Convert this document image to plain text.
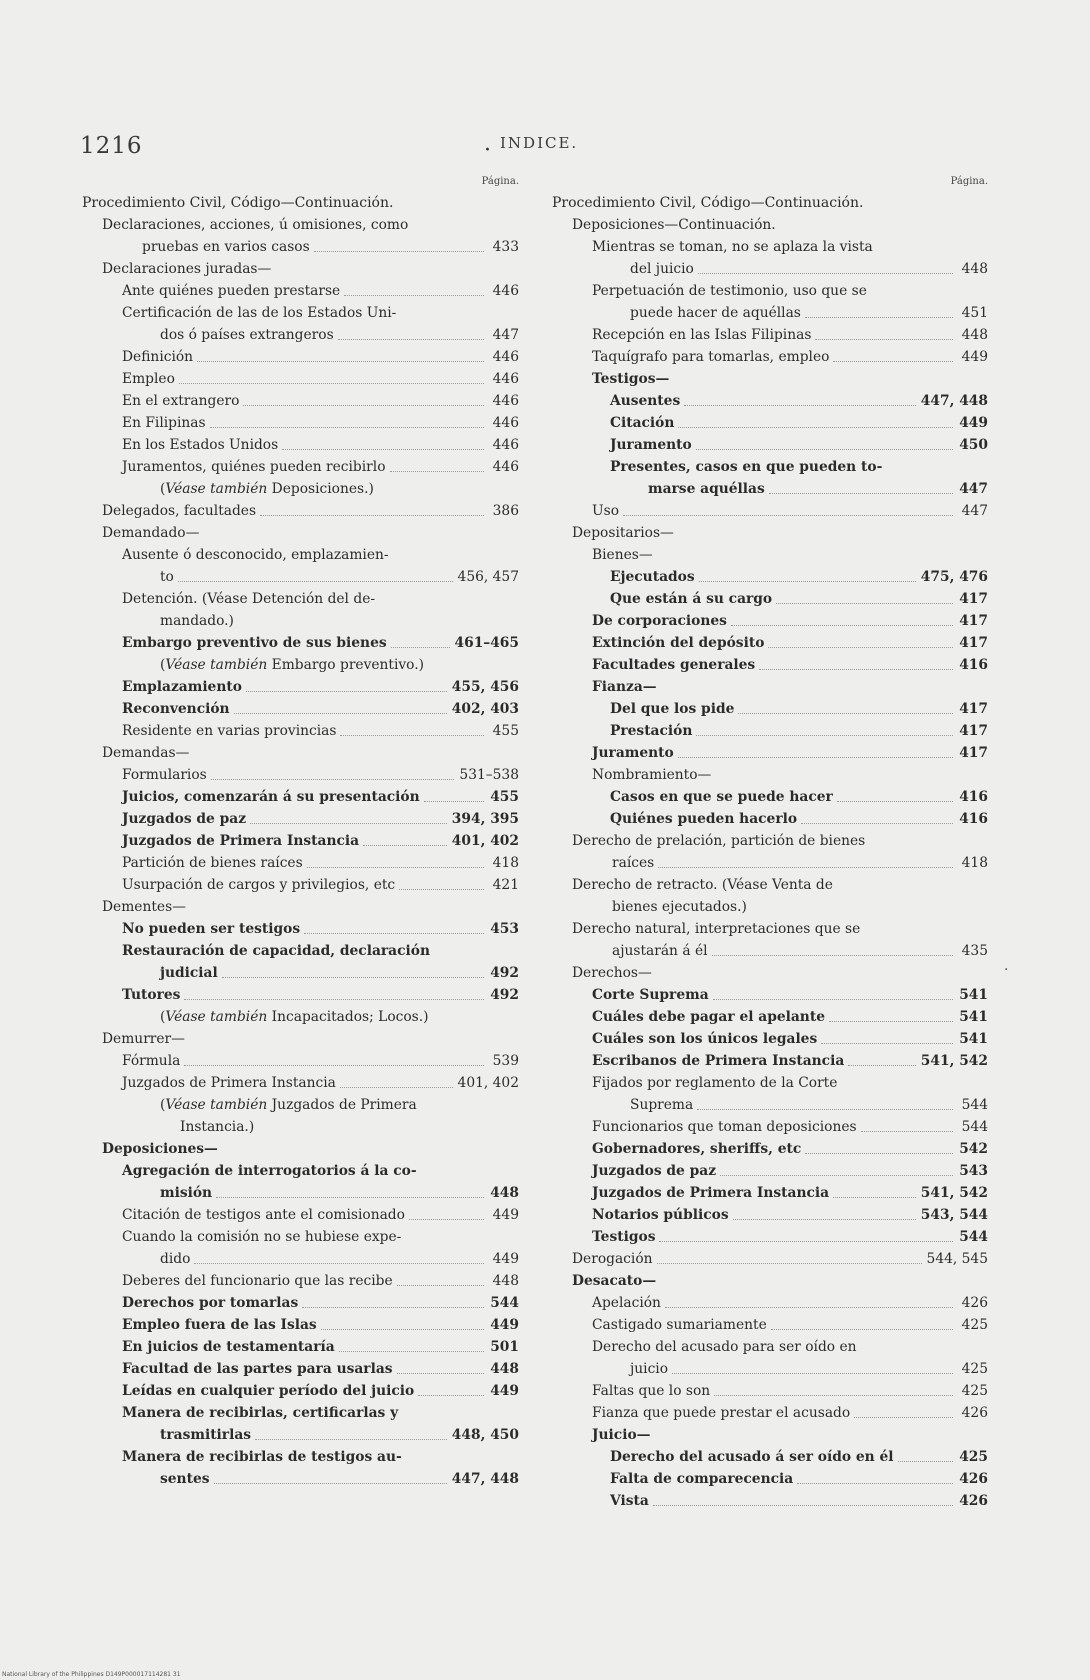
1216	· INDICE.
·
Página.
Procedimiento Civil, Código—Continuación.
Declaraciones, acciones, ú omisiones, como
pruebas en varios casos	433
Declaraciones juradas—
Ante quiénes pueden prestarse	446
Certificación de las de los Estados Uni-
dos ó países extrangeros	447
Definición	446
Empleo	446
En el extrangero	446
En Filipinas	446
En los Estados Unidos	446
Juramentos, quiénes pueden recibirlo	446
(Véase también Deposiciones.)
Delegados, facultades	386
Demandado—
Ausente ó desconocido, emplazamien-
to	456, 457
Detención. (Véase Detención del de-
mandado.)
Embargo preventivo de sus bienes	461–465
(Véase también Embargo preventivo.)
Emplazamiento	455, 456
Reconvención	402, 403
Residente en varias provincias	455
Demandas—
Formularios	531–538
Juicios, comenzarán á su presentación	455
Juzgados de paz	394, 395
Juzgados de Primera Instancia	401, 402
Partición de bienes raíces	418
Usurpación de cargos y privilegios, etc	421
Dementes—
No pueden ser testigos	453
Restauración de capacidad, declaración
judicial	492
Tutores	492
(Véase también Incapacitados; Locos.)
Demurrer—
Fórmula	539
Juzgados de Primera Instancia	401, 402
(Véase también Juzgados de Primera
Instancia.)
Deposiciones—
Agregación de interrogatorios á la co-
misión	448
Citación de testigos ante el comisionado	449
Cuando la comisión no se hubiese expe-
dido	449
Deberes del funcionario que las recibe	448
Derechos por tomarlas	544
Empleo fuera de las Islas	449
En juicios de testamentaría	501
Facultad de las partes para usarlas	448
Leídas en cualquier período del juicio	449
Manera de recibirlas, certificarlas y
trasmitirlas	448, 450
Manera de recibirlas de testigos au-
sentes	447, 448
Página.
Procedimiento Civil, Código—Continuación.
Deposiciones—Continuación.
Mientras se toman, no se aplaza la vista
del juicio	448
Perpetuación de testimonio, uso que se
puede hacer de aquéllas	451
Recepción en las Islas Filipinas	448
Taquígrafo para tomarlas, empleo	449
Testigos—
Ausentes	447, 448
Citación	449
Juramento	450
Presentes, casos en que pueden to-
marse aquéllas	447
Uso	447
Depositarios—
Bienes—
Ejecutados	475, 476
Que están á su cargo	417
De corporaciones	417
Extinción del depósito	417
Facultades generales	416
Fianza—
Del que los pide	417
Prestación	417
Juramento	417
Nombramiento—
Casos en que se puede hacer	416
Quiénes pueden hacerlo	416
Derecho de prelación, partición de bienes
raíces	418
Derecho de retracto. (Véase Venta de
bienes ejecutados.)
Derecho natural, interpretaciones que se
ajustarán á él	435
Derechos—
Corte Suprema	541
Cuáles debe pagar el apelante	541
Cuáles son los únicos legales	541
Escribanos de Primera Instancia	541, 542
Fijados por reglamento de la Corte
Suprema	544
Funcionarios que toman deposiciones	544
Gobernadores, sheriffs, etc	542
Juzgados de paz	543
Juzgados de Primera Instancia	541, 542
Notarios públicos	543, 544
Testigos	544
Derogación	544, 545
Desacato—
Apelación	426
Castigado sumariamente	425
Derecho del acusado para ser oído en
juicio	425
Faltas que lo son	425
Fianza que puede prestar el acusado	426
Juicio—
Derecho del acusado á ser oído en él	425
Falta de comparecencia	426
Vista	426
National Library of the Philippines D149P000017114281 31
